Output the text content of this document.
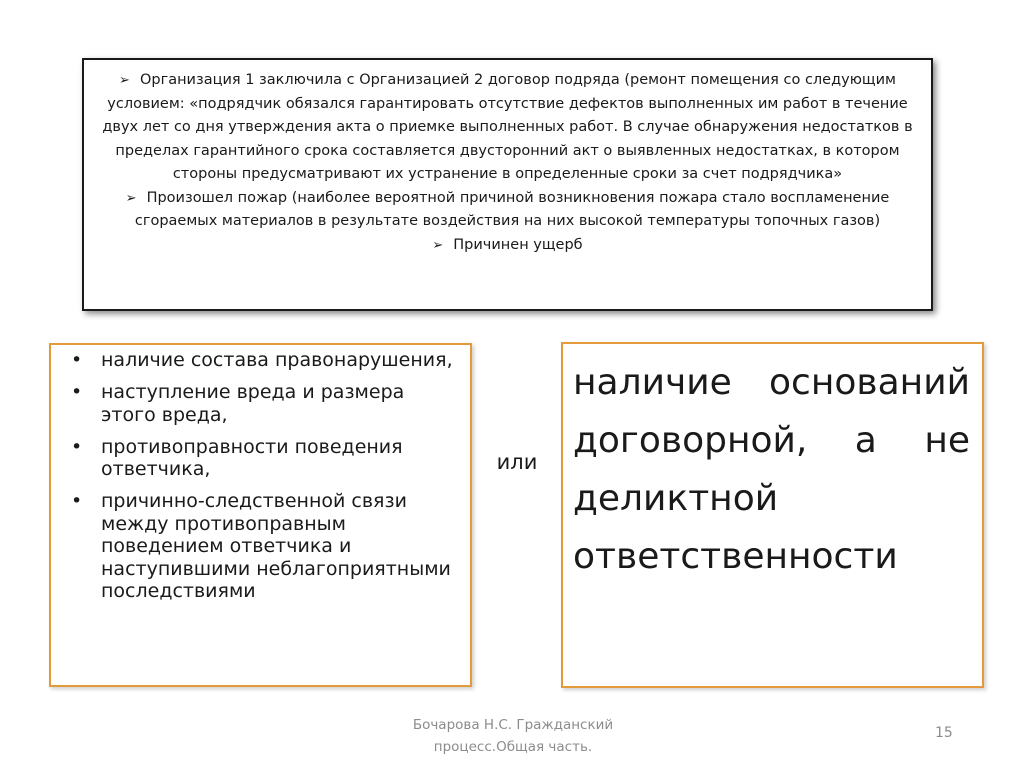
➢ Организация 1 заключила с Организацией 2 договор подряда (ремонт помещения со следующим условием: «подрядчик обязался гарантировать отсутствие дефектов выполненных им работ в течение двух лет со дня утверждения акта о приемке выполненных работ. В случае обнаружения недостатков в пределах гарантийного срока составляется двусторонний акт о выявленных недостатках, в котором стороны предусматривают их устранение в определенные сроки за счет подрядчика»

➢ Произошел пожар (наиболее вероятной причиной возникновения пожара стало воспламенение сгораемых материалов в результате воздействия на них высокой температуры топочных газов)

➢ Причинен ущерб

• наличие состава правонарушения,
• наступление вреда и размера этого вреда,
• противоправности поведения ответчика,
• причинно-следственной связи между противоправным поведением ответчика и наступившими неблагоприятными последствиями
или

наличие оснований договорной, а не деликтной ответственности

Бочарова Н.С. Гражданский процесс.Общая часть.
15
